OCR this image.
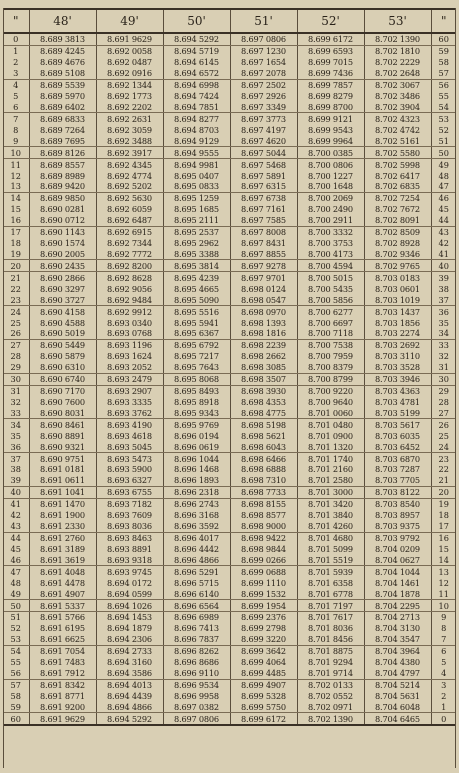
"	48'	49'	50'	51'	52'	53'	"
0	8.689 3813	8.691 9629	8.694 5292	8.697 0806	8.699 6172	8.702 1390	60
1	8.689 4245	8.692 0058	8.694 5719	8.697 1230	8.699 6593	8.702 1810	59
2	8.689 4676	8.692 0487	8.694 6145	8.697 1654	8.699 7015	8.702 2229	58
3	8.689 5108	8.692 0916	8.694 6572	8.697 2078	8.699 7436	8.702 2648	57
4	8.689 5539	8.692 1344	8.694 6998	8.697 2502	8.699 7857	8.702 3067	56
5	8.689 5970	8.692 1773	8.694 7424	8.697 2926	8.699 8279	8.702 3486	55
6	8.689 6402	8.692 2202	8.694 7851	8.697 3349	8.699 8700	8.702 3904	54
7	8.689 6833	8.692 2631	8.694 8277	8.697 3773	8.699 9121	8.702 4323	53
8	8.689 7264	8.692 3059	8.694 8703	8.697 4197	8.699 9543	8.702 4742	52
9	8.689 7695	8.692 3488	8.694 9129	8.697 4620	8.699 9964	8.702 5161	51
10	8.689 8126	8.692 3917	8.694 9555	8.697 5044	8.700 0385	8.702 5580	50
11	8.689 8557	8.692 4345	8.694 9981	8.697 5468	8.700 0806	8.702 5998	49
12	8.689 8989	8.692 4774	8.695 0407	8.697 5891	8.700 1227	8.702 6417	48
13	8.689 9420	8.692 5202	8.695 0833	8.697 6315	8.700 1648	8.702 6835	47
14	8.689 9850	8.692 5630	8.695 1259	8.697 6738	8.700 2069	8.702 7254	46
15	8.690 0281	8.692 6059	8.695 1685	8.697 7161	8.700 2490	8.702 7672	45
16	8.690 0712	8.692 6487	8.695 2111	8.697 7585	8.700 2911	8.702 8091	44
17	8.690 1143	8.692 6915	8.695 2537	8.697 8008	8.700 3332	8.702 8509	43
18	8.690 1574	8.692 7344	8.695 2962	8.697 8431	8.700 3753	8.702 8928	42
19	8.690 2005	8.692 7772	8.695 3388	8.697 8855	8.700 4173	8.702 9346	41
20	8.690 2435	8.692 8200	8.695 3814	8.697 9278	8.700 4594	8.702 9765	40
21	8.690 2866	8.692 8628	8.695 4239	8.697 9701	8.700 5015	8.703 0183	39
22	8.690 3297	8.692 9056	8.695 4665	8.698 0124	8.700 5435	8.703 0601	38
23	8.690 3727	8.692 9484	8.695 5090	8.698 0547	8.700 5856	8.703 1019	37
24	8.690 4158	8.692 9912	8.695 5516	8.698 0970	8.700 6277	8.703 1437	36
25	8.690 4588	8.693 0340	8.695 5941	8.698 1393	8.700 6697	8.703 1856	35
26	8.690 5019	8.693 0768	8.695 6367	8.698 1816	8.700 7118	8.703 2274	34
27	8.690 5449	8.693 1196	8.695 6792	8.698 2239	8.700 7538	8.703 2692	33
28	8.690 5879	8.693 1624	8.695 7217	8.698 2662	8.700 7959	8.703 3110	32
29	8.690 6310	8.693 2052	8.695 7643	8.698 3085	8.700 8379	8.703 3528	31
30	8.690 6740	8.693 2479	8.695 8068	8.698 3507	8.700 8799	8.703 3946	30
31	8.690 7170	8.693 2907	8.695 8493	8.698 3930	8.700 9220	8.703 4363	29
32	8.690 7600	8.693 3335	8.695 8918	8.698 4353	8.700 9640	8.703 4781	28
33	8.690 8031	8.693 3762	8.695 9343	8.698 4775	8.701 0060	8.703 5199	27
34	8.690 8461	8.693 4190	8.695 9769	8.698 5198	8.701 0480	8.703 5617	26
35	8.690 8891	8.693 4618	8.696 0194	8.698 5621	8.701 0900	8.703 6035	25
36	8.690 9321	8.693 5045	8.696 0619	8.698 6043	8.701 1320	8.703 6452	24
37	8.690 9751	8.693 5473	8.696 1044	8.698 6466	8.701 1740	8.703 6870	23
38	8.691 0181	8.693 5900	8.696 1468	8.698 6888	8.701 2160	8.703 7287	22
39	8.691 0611	8.693 6327	8.696 1893	8.698 7310	8.701 2580	8.703 7705	21
40	8.691 1041	8.693 6755	8.696 2318	8.698 7733	8.701 3000	8.703 8122	20
41	8.691 1470	8.693 7182	8.696 2743	8.698 8155	8.701 3420	8.703 8540	19
42	8.691 1900	8.693 7609	8.696 3168	8.698 8577	8.701 3840	8.703 8957	18
43	8.691 2330	8.693 8036	8.696 3592	8.698 9000	8.701 4260	8.703 9375	17
44	8.691 2760	8.693 8463	8.696 4017	8.698 9422	8.701 4680	8.703 9792	16
45	8.691 3189	8.693 8891	8.696 4442	8.698 9844	8.701 5099	8.704 0209	15
46	8.691 3619	8.693 9318	8.696 4866	8.699 0266	8.701 5519	8.704 0627	14
47	8.691 4048	8.693 9745	8.696 5291	8.699 0688	8.701 5939	8.704 1044	13
48	8.691 4478	8.694 0172	8.696 5715	8.699 1110	8.701 6358	8.704 1461	12
49	8.691 4907	8.694 0599	8.696 6140	8.699 1532	8.701 6778	8.704 1878	11
50	8.691 5337	8.694 1026	8.696 6564	8.699 1954	8.701 7197	8.704 2295	10
51	8.691 5766	8.694 1453	8.696 6989	8.699 2376	8.701 7617	8.704 2713	9
52	8.691 6195	8.694 1879	8.696 7413	8.699 2798	8.701 8036	8.704 3130	8
53	8.691 6625	8.694 2306	8.696 7837	8.699 3220	8.701 8456	8.704 3547	7
54	8.691 7054	8.694 2733	8.696 8262	8.699 3642	8.701 8875	8.704 3964	6
55	8.691 7483	8.694 3160	8.696 8686	8.699 4064	8.701 9294	8.704 4380	5
56	8.691 7912	8.694 3586	8.696 9110	8.699 4485	8.701 9714	8.704 4797	4
57	8.691 8342	8.694 4013	8.696 9534	8.699 4907	8.702 0133	8.704 5214	3
58	8.691 8771	8.694 4439	8.696 9958	8.699 5328	8.702 0552	8.704 5631	2
59	8.691 9200	8.694 4866	8.697 0382	8.699 5750	8.702 0971	8.704 6048	1
60	8.691 9629	8.694 5292	8.697 0806	8.699 6172	8.702 1390	8.704 6465	0
